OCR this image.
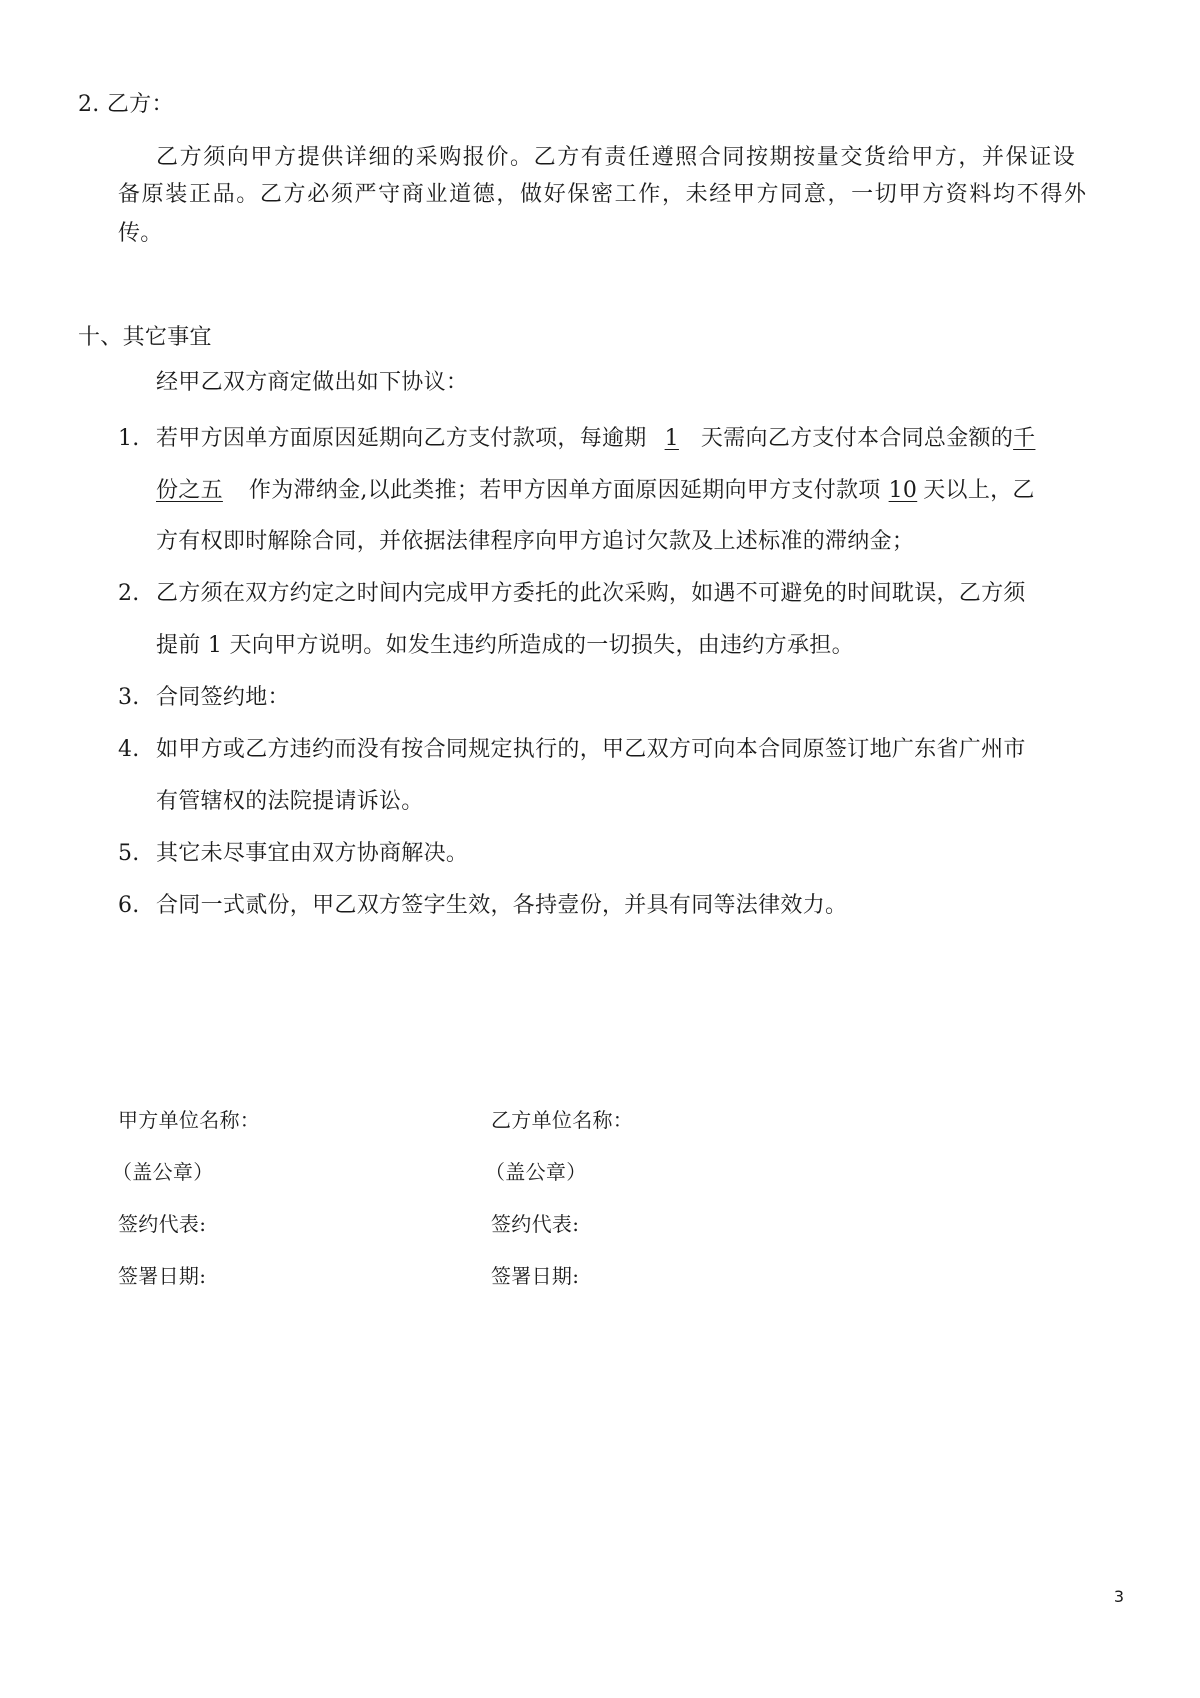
2. 乙方：
乙方须向甲方提供详细的采购报价。乙方有责任遵照合同按期按量交货给甲方，并保证设
备原装正品。乙方必须严守商业道德，做好保密工作，未经甲方同意，一切甲方资料均不得外
传。
十、其它事宜
经甲乙双方商定做出如下协议：
1. 若甲方因单方面原因延期向乙方支付款项，每逾期 1 天需向乙方支付本合同总金额的千
份之五 作为滞纳金,以此类推；若甲方因单方面原因延期向甲方支付款项 10 天以上，乙
方有权即时解除合同，并依据法律程序向甲方追讨欠款及上述标准的滞纳金；
2. 乙方须在双方约定之时间内完成甲方委托的此次采购，如遇不可避免的时间耽误，乙方须
提前 1 天向甲方说明。如发生违约所造成的一切损失，由违约方承担。
3. 合同签约地：
4. 如甲方或乙方违约而没有按合同规定执行的，甲乙双方可向本合同原签订地广东省广州市
有管辖权的法院提请诉讼。
5. 其它未尽事宜由双方协商解决。
6. 合同一式贰份，甲乙双方签字生效，各持壹份，并具有同等法律效力。
甲方单位名称：
（盖公章）
签约代表:
签署日期:
乙方单位名称：
（盖公章）
签约代表:
签署日期:
3
